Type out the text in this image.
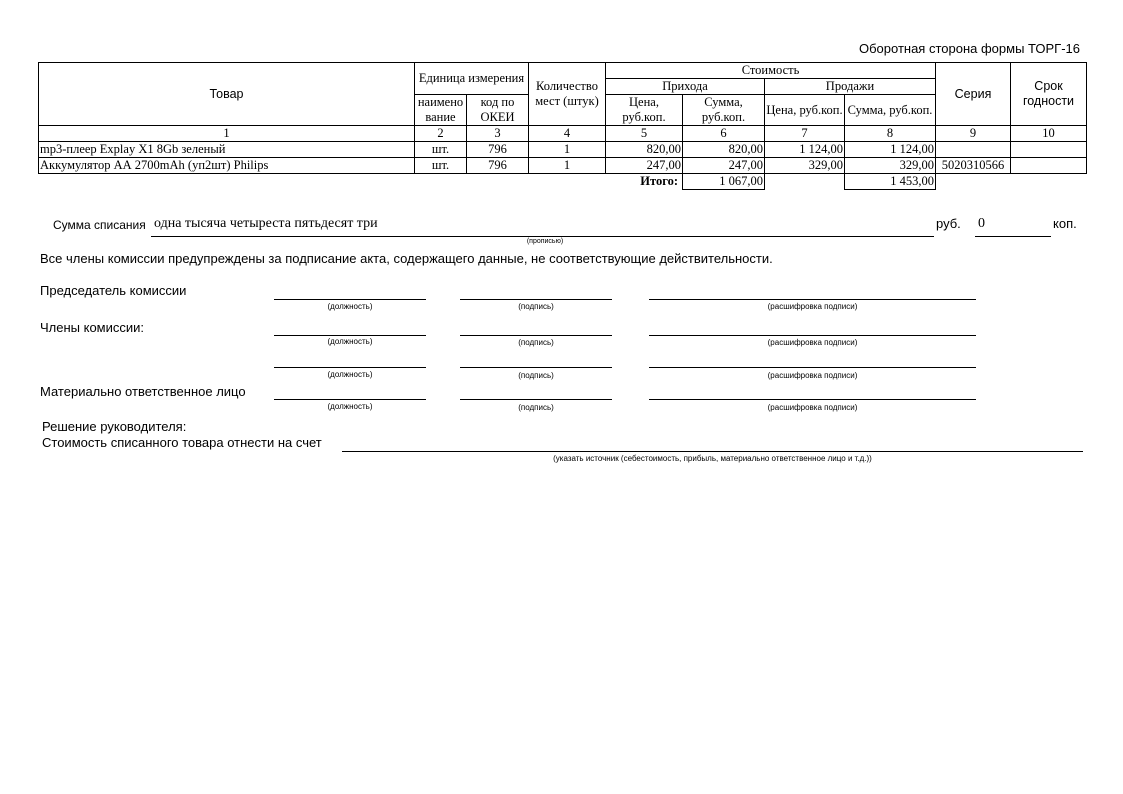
Оборотная сторона формы ТОРГ-16
Товар	Единица измерения		Количество мест (штук)	Стоимость				Серия	Срок годности
				Прихода		Продажи			
	наимено вание	код по ОКЕИ		Цена, руб.коп.	Сумма, руб.коп.	Цена, руб.коп.	Сумма, руб.коп.		

1	2	3	4	5	6	7	8	9	10
mp3-плеер Explay X1 8Gb зеленый	шт.	796	1	820,00	820,00	1 124,00	1 124,00		
Аккумулятор АА 2700mAh (уп2шт) Philips	шт.	796	1	247,00	247,00	329,00	329,00	5020310566	
				Итого:	1 067,00		1 453,00		
Сумма списания одна тысяча четыреста пятьдесят три
(прописью)
руб. 0	коп.
Все члены комиссии предупреждены за подписание акта, содержащего данные, не соответствующие действительности.
Председатель комиссии
(должность)	(подпись)	(расшифровка подписи)
Члены комиссии:
(должность)	(подпись)	(расшифровка подписи)
(должность)	(подпись)	(расшифровка подписи)
Материально ответственное лицо
(должность)	(подпись)	(расшифровка подписи)
Решение руководителя:
Стоимость списанного товара отнести на счет
(указать источник (себестоимость, прибыль, материально ответственное лицо и т.д.))
